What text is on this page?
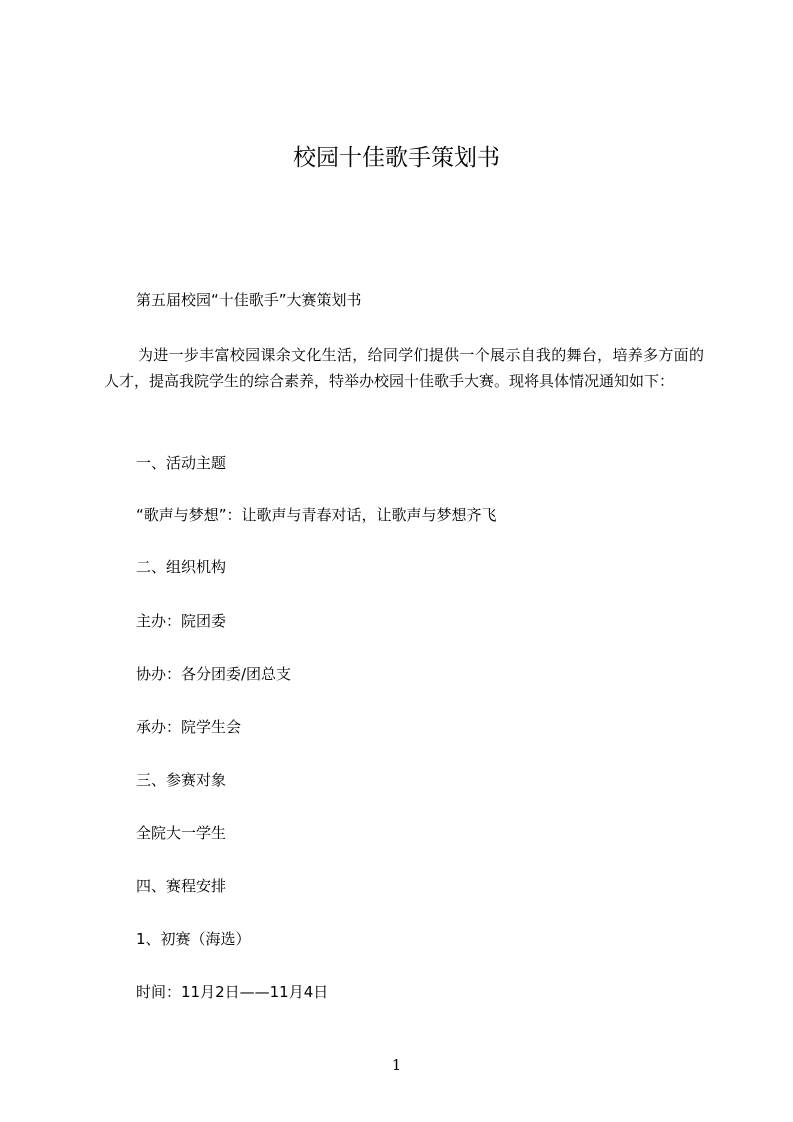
校园十佳歌手策划书

第五届校园“十佳歌手”大赛策划书

为进一步丰富校园课余文化生活，给同学们提供一个展示自我的舞台，培养多方面的人才，提高我院学生的综合素养，特举办校园十佳歌手大赛。现将具体情况通知如下：

一、活动主题

“歌声与梦想”：让歌声与青春对话，让歌声与梦想齐飞

二、组织机构

主办：院团委

协办：各分团委/团总支

承办：院学生会

三、参赛对象

全院大一学生

四、赛程安排

1、初赛（海选）

时间：11月2日——11月4日

1
